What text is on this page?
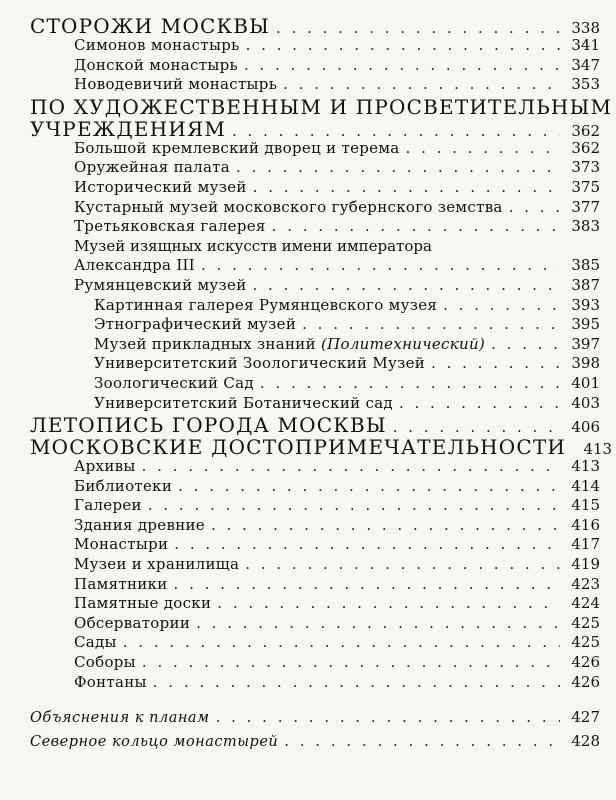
СТОРОЖИ МОСКВЫ . . .	338
Симонов монастырь . . .	341
Донской монастырь . . .	347
Новодевичий монастырь . . .	353
ПО ХУДОЖЕСТВЕННЫМ И ПРОСВЕТИТЕЛЬНЫМ
УЧРЕЖДЕНИЯМ . . .	362
Большой кремлевский дворец и терема . . .	362
Оружейная палата . . .	373
Исторический музей . . .	375
Кустарный музей московского губернского земства . . .	377
Третьяковская галерея . . .	383
Музей изящных искусств имени императора
Александра III . . .	385
Румянцевский музей . . .	387
Картинная галерея Румянцевского музея . . .	393
Этнографический музей . . .	395
Музей прикладных знаний (Политехнический) . . .	397
Университетский Зоологический Музей . . .	398
Зоологический Сад . . .	401
Университетский Ботанический сад . . .	403
ЛЕТОПИСЬ ГОРОДА МОСКВЫ . . .	406
МОСКОВСКИЕ ДОСТОПРИМЕЧАТЕЛЬНОСТИ	413
Архивы . . .	413
Библиотеки . . .	414
Галереи . . .	415
Здания древние . . .	416
Монастыри . . .	417
Музеи и хранилища . . .	419
Памятники . . .	423
Памятные доски . . .	424
Обсерватории . . .	425
Сады . . .	425
Соборы . . .	426
Фонтаны . . .	426
Объяснения к планам . . .	427
Северное кольцо монастырей . . .	428
